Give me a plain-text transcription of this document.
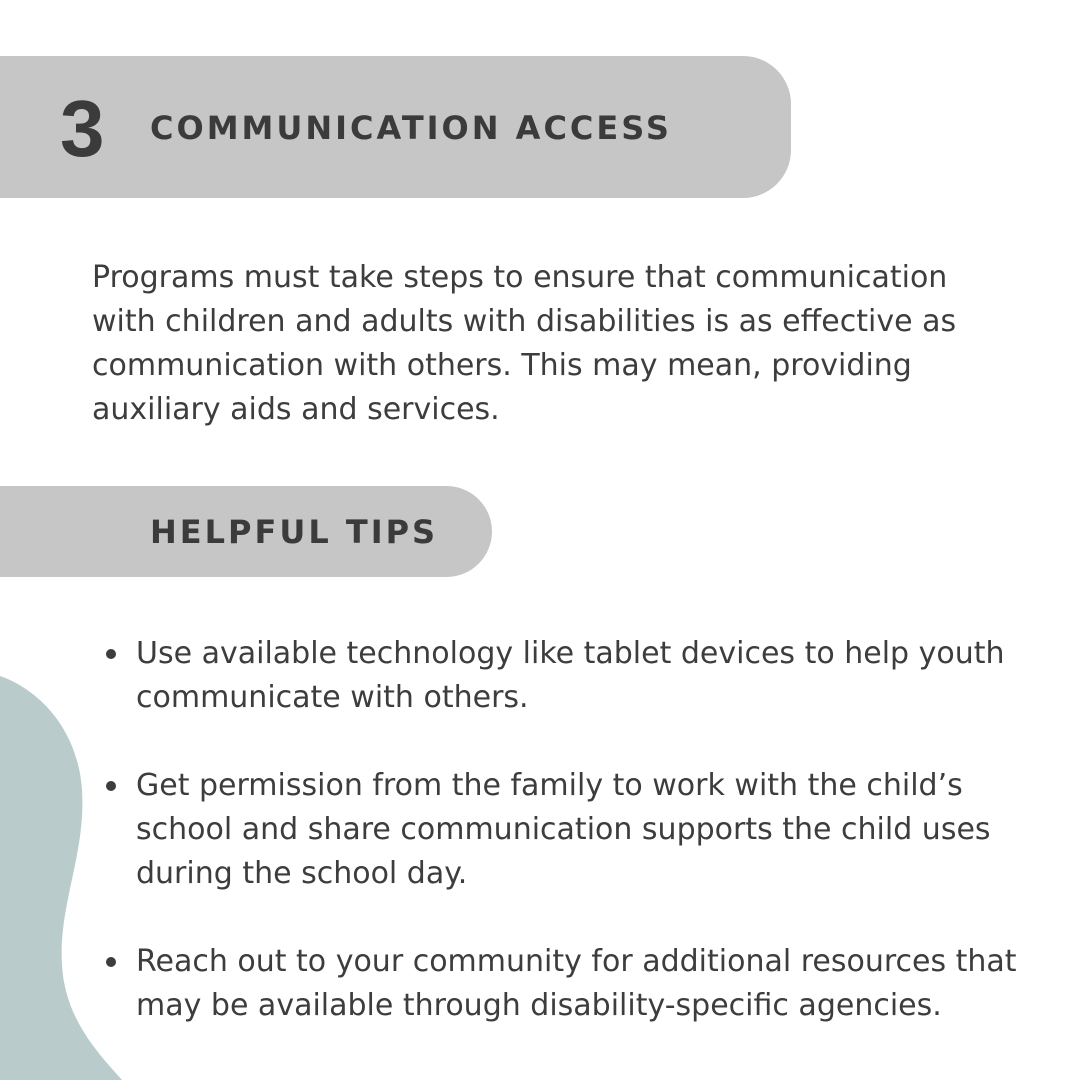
3 COMMUNICATION ACCESS

Programs must take steps to ensure that communication with children and adults with disabilities is as effective as communication with others. This may mean, providing auxiliary aids and services.

HELPFUL TIPS
Use available technology like tablet devices to help youth communicate with others.
Get permission from the family to work with the child’s school and share communication supports the child uses during the school day.
Reach out to your community for additional resources that may be available through disability-specific agencies.
